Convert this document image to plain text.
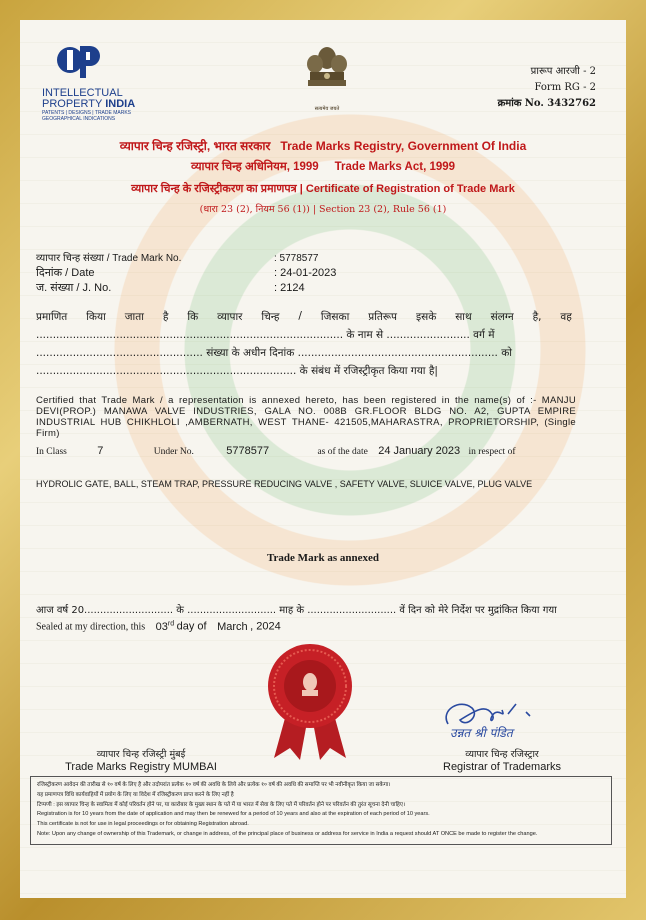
INTELLECTUAL
PROPERTY INDIA
PATENTS | DESIGNS | TRADE MARKS
GEOGRAPHICAL INDICATIONS
सत्यमेव जयते
प्रारूप आरजी - 2
Form RG - 2
क्रमांक No. 3432762
व्यापार चिन्ह रजिस्ट्री, भारत सरकार Trade Marks Registry, Government Of India
व्यापार चिन्ह अधिनियम, 1999 Trade Marks Act, 1999
व्यापार चिन्ह के रजिस्ट्रीकरण का प्रमाणपत्र | Certificate of Registration of Trade Mark
(धारा 23 (2), नियम 56 (1)) | Section 23 (2), Rule 56 (1)
व्यापार चिन्ह संख्या / Trade Mark No.	: 5778577
दिनांक / Date	: 24-01-2023
ज. संख्या / J. No.	: 2124
प्रमाणित किया जाता है कि व्यापार चिन्ह / जिसका प्रतिरूप इसके साथ संलग्न है, वह
............................................................................................ के नाम से ......................... वर्ग में
.................................................. संख्या के अधीन दिनांक ............................................................ को
.............................................................................. के संबंध में रजिस्ट्रीकृत किया गया है|
Certified that Trade Mark / a representation is annexed hereto, has been registered in the name(s) of :- MANJU DEVI(PROP.) MANAWA VALVE INDUSTRIES, GALA NO. 008B GR.FLOOR BLDG NO. A2, GUPTA EMPIRE INDUSTRIAL HUB CHIKHLOLI ,AMBERNATH, WEST THANE- 421505,MAHARASTRA, PROPRIETORSHIP, (Single Firm)
In Class	7	Under No.	5778577	as of the date 24 January 2023 in respect of
HYDROLIC GATE, BALL, STEAM TRAP, PRESSURE REDUCING VALVE , SAFETY VALVE, SLUICE VALVE, PLUG VALVE
Trade Mark as annexed
आज वर्ष 20............................ के ............................ माह के ............................ वें दिन को मेरे निर्देश पर मुद्रांकित किया गया
Sealed at my direction, this 03rd day of March , 2024
उन्नत श्री पंडित
व्यापार चिन्ह रजिस्ट्री मुंबई
Trade Marks Registry MUMBAI
व्यापार चिन्ह रजिस्ट्रार
Registrar of Trademarks

रजिस्ट्रीकरण आवेदन की तारीख से १० वर्ष के लिए है और तदोपरांत प्रत्येक १० वर्ष की अवधि के लिये और प्रत्येक १० वर्ष की अवधि की समाप्ति पर भी नवीनीकृत किया जा सकेगा।

यह प्रमाणपत्र विधि कार्यवाहियों में प्रयोग के लिए या विदेश में रजिस्ट्रीकरण प्राप्त करने के लिए नहीं है

टिप्पणी : इस व्यापार चिन्ह के स्वामित्व में कोई परिवर्तन होने पर, या कारोबार के मुख्य स्थान के पते में या भारत में सेवा के लिए पते में परिवर्तन होने पर परिवर्तन की तुरंत सूचना देनी चाहिए।

Registration is for 10 years from the date of application and may then be renewed for a period of 10 years and also at the expiration of each period of 10 years.

This certificate is not for use in legal proceedings or for obtaining Registration abroad.

Note: Upon any change of ownership of this Trademark, or change in address, of the principal place of business or address for service in India a request should AT ONCE be made to register the change.
